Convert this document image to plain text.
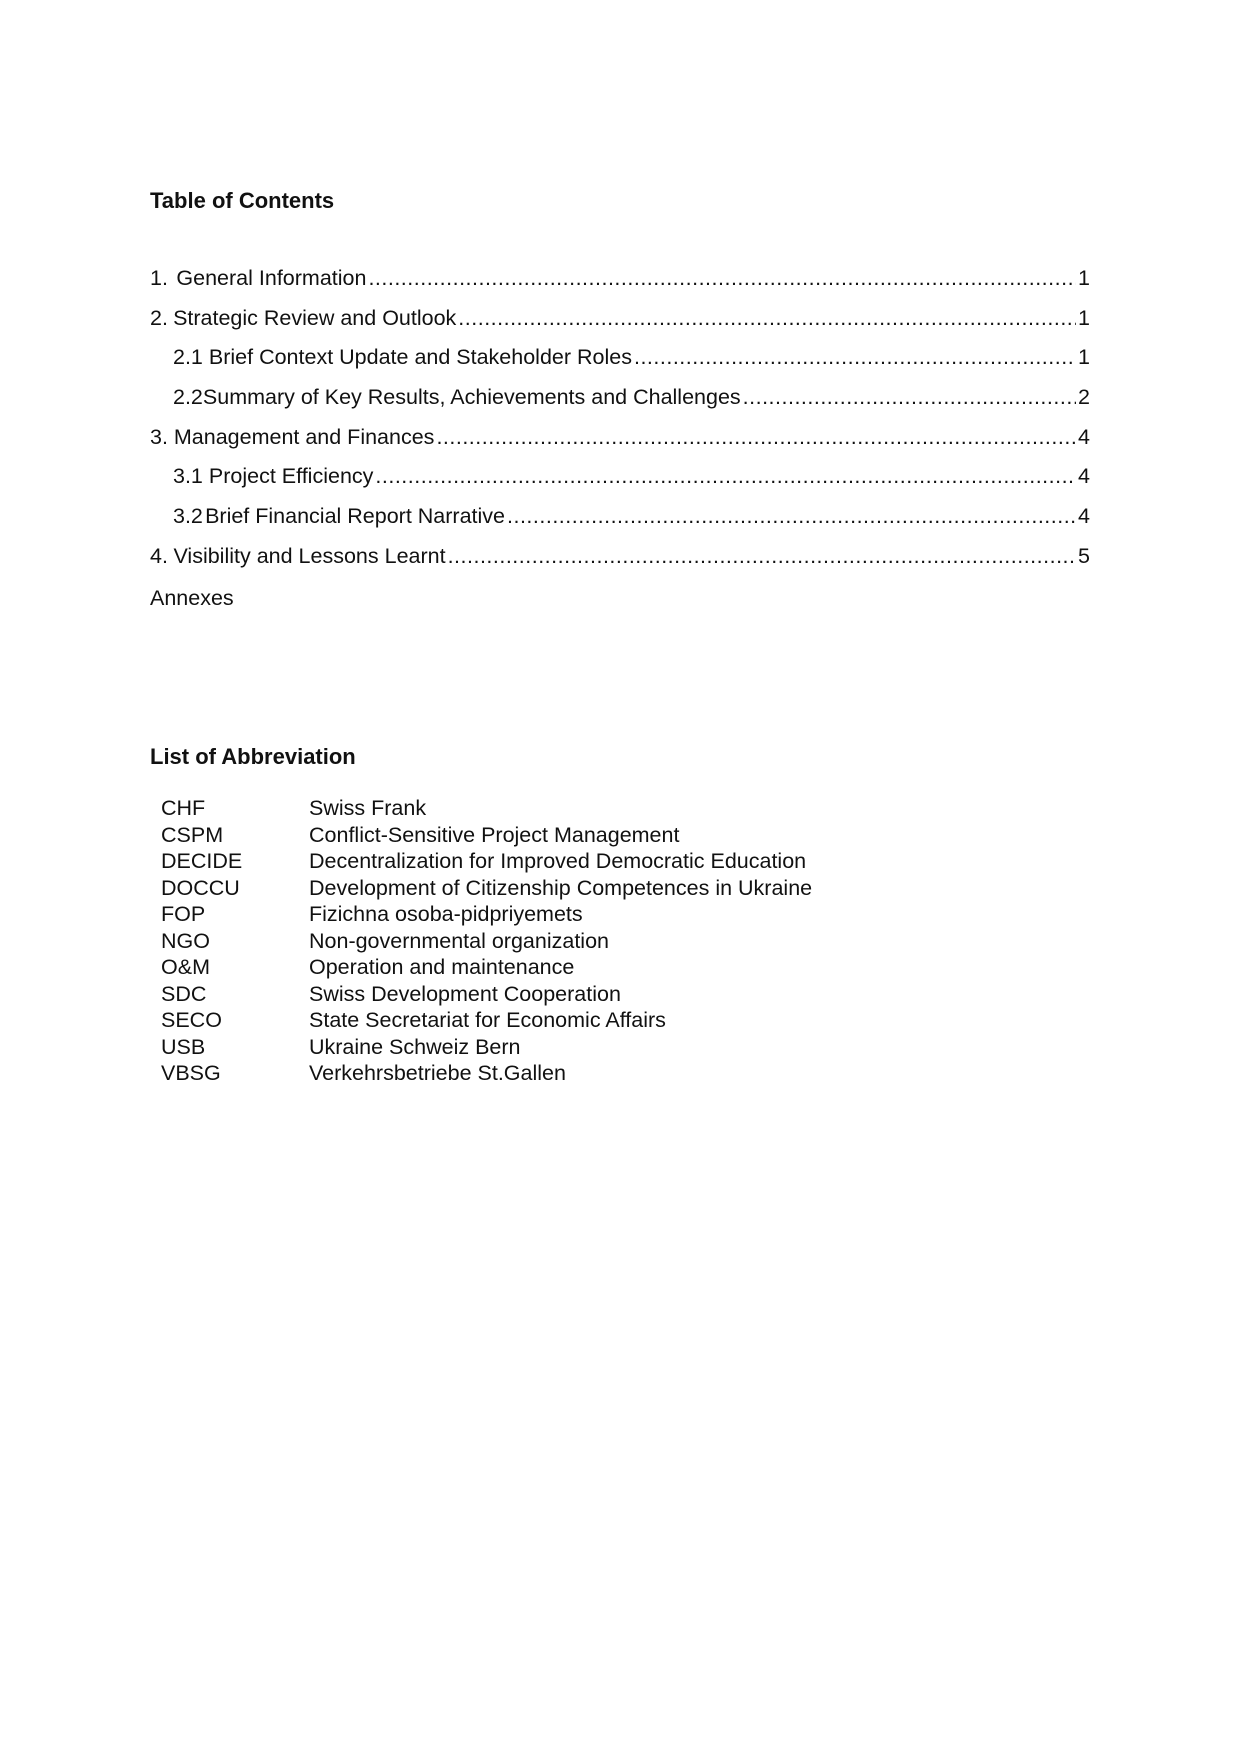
Table of Contents
1. General Information .....	1
2. Strategic Review and Outlook .....	1
2.1 Brief Context Update and Stakeholder Roles .....	1
2.2 Summary of Key Results, Achievements and Challenges .....	2
3. Management and Finances .....	4
3.1 Project Efficiency .....	4
3.2 Brief Financial Report Narrative .....	4
4. Visibility and Lessons Learnt .....	5
Annexes
List of Abbreviation
CHF	Swiss Frank
CSPM	Conflict-Sensitive Project Management
DECIDE	Decentralization for Improved Democratic Education
DOCCU	Development of Citizenship Competences in Ukraine
FOP	Fizichna osoba-pidpriyemets
NGO	Non-governmental organization
O&M	Operation and maintenance
SDC	Swiss Development Cooperation
SECO	State Secretariat for Economic Affairs
USB	Ukraine Schweiz Bern
VBSG	Verkehrsbetriebe St.Gallen
